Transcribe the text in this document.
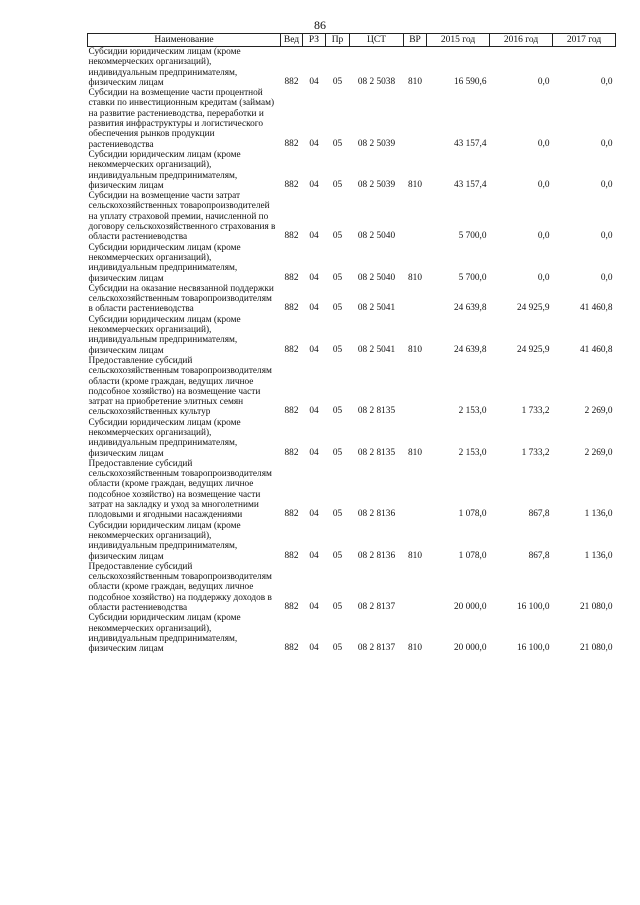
86
Наименование	Вед	РЗ	Пр	ЦСТ	ВР	2015 год	2016 год	2017 год
Субсидии юридическим лицам (кроме некоммерческих организаций), индивидуальным предпринимателям, физическим лицам	882	04	05	08 2 5038	810	16 590,6	0,0	0,0
Субсидии на возмещение части процентной ставки по инвестиционным кредитам (займам) на развитие растениеводства, переработки и развития инфраструктуры и логистического обеспечения рынков продукции растениеводства	882	04	05	08 2 5039		43 157,4	0,0	0,0
Субсидии юридическим лицам (кроме некоммерческих организаций), индивидуальным предпринимателям, физическим лицам	882	04	05	08 2 5039	810	43 157,4	0,0	0,0
Субсидии на возмещение части затрат сельскохозяйственных товаропроизводителей на уплату страховой премии, начисленной по договору сельскохозяйственного страхования в области растениеводства	882	04	05	08 2 5040		5 700,0	0,0	0,0
Субсидии юридическим лицам (кроме некоммерческих организаций), индивидуальным предпринимателям, физическим лицам	882	04	05	08 2 5040	810	5 700,0	0,0	0,0
Субсидии на оказание несвязанной поддержки сельскохозяйственным товаропроизводителям в области растениеводства	882	04	05	08 2 5041		24 639,8	24 925,9	41 460,8
Субсидии юридическим лицам (кроме некоммерческих организаций), индивидуальным предпринимателям, физическим лицам	882	04	05	08 2 5041	810	24 639,8	24 925,9	41 460,8
Предоставление субсидий сельскохозяйственным товаропроизводителям области (кроме граждан, ведущих личное подсобное хозяйство) на возмещение части затрат на приобретение элитных семян сельскохозяйственных культур	882	04	05	08 2 8135		2 153,0	1 733,2	2 269,0
Субсидии юридическим лицам (кроме некоммерческих организаций), индивидуальным предпринимателям, физическим лицам	882	04	05	08 2 8135	810	2 153,0	1 733,2	2 269,0
Предоставление субсидий сельскохозяйственным товаропроизводителям области (кроме граждан, ведущих личное подсобное хозяйство) на возмещение части затрат на закладку и уход за многолетними плодовыми и ягодными насаждениями	882	04	05	08 2 8136		1 078,0	867,8	1 136,0
Субсидии юридическим лицам (кроме некоммерческих организаций), индивидуальным предпринимателям, физическим лицам	882	04	05	08 2 8136	810	1 078,0	867,8	1 136,0
Предоставление субсидий сельскохозяйственным товаропроизводителям области (кроме граждан, ведущих личное подсобное хозяйство) на поддержку доходов в области растениеводства	882	04	05	08 2 8137		20 000,0	16 100,0	21 080,0
Субсидии юридическим лицам (кроме некоммерческих организаций), индивидуальным предпринимателям, физическим лицам	882	04	05	08 2 8137	810	20 000,0	16 100,0	21 080,0
